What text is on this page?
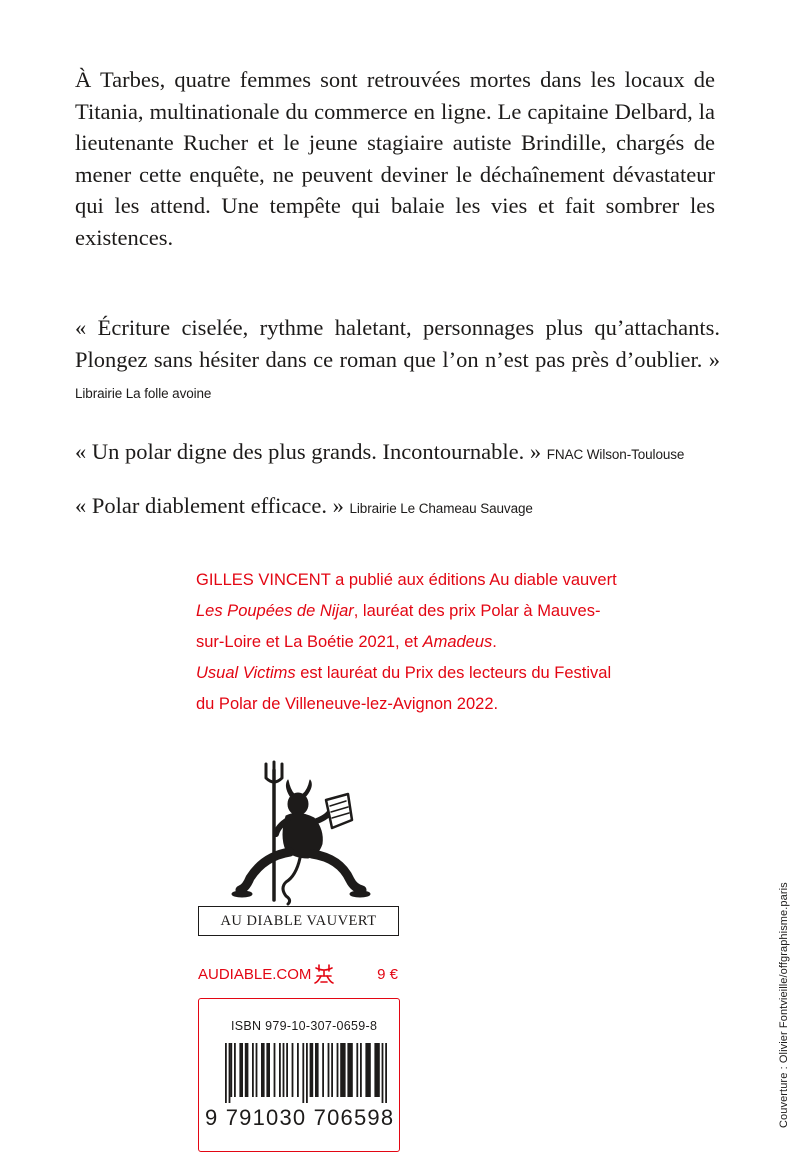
À Tarbes, quatre femmes sont retrouvées mortes dans les locaux de Titania, multinationale du commerce en ligne. Le capitaine Delbard, la lieutenante Rucher et le jeune stagiaire autiste Brindille, chargés de mener cette enquête, ne peuvent deviner le déchaînement dévastateur qui les attend. Une tempête qui balaie les vies et fait sombrer les existences.

« Écriture ciselée, rythme haletant, personnages plus qu’attachants. Plongez sans hésiter dans ce roman que l’on n’est pas près d’oublier. » Librairie La folle avoine

« Un polar digne des plus grands. Incontournable. » FNAC Wilson-Toulouse

« Polar diablement efficace. » Librairie Le Chameau Sauvage

GILLES VINCENT a publié aux éditions Au diable vauvert
Les Poupées de Nijar, lauréat des prix Polar à Mauves-
sur-Loire et La Boétie 2021, et Amadeus.
Usual Victims est lauréat du Prix des lecteurs du Festival
du Polar de Villeneuve-lez-Avignon 2022.
AU DIABLE VAUVERT
AUDIABLE.COM	9 €
ISBN 979-10-307-0659-8
9 791030 706598	Couverture : Olivier Fontvieille/offgraphisme.paris
